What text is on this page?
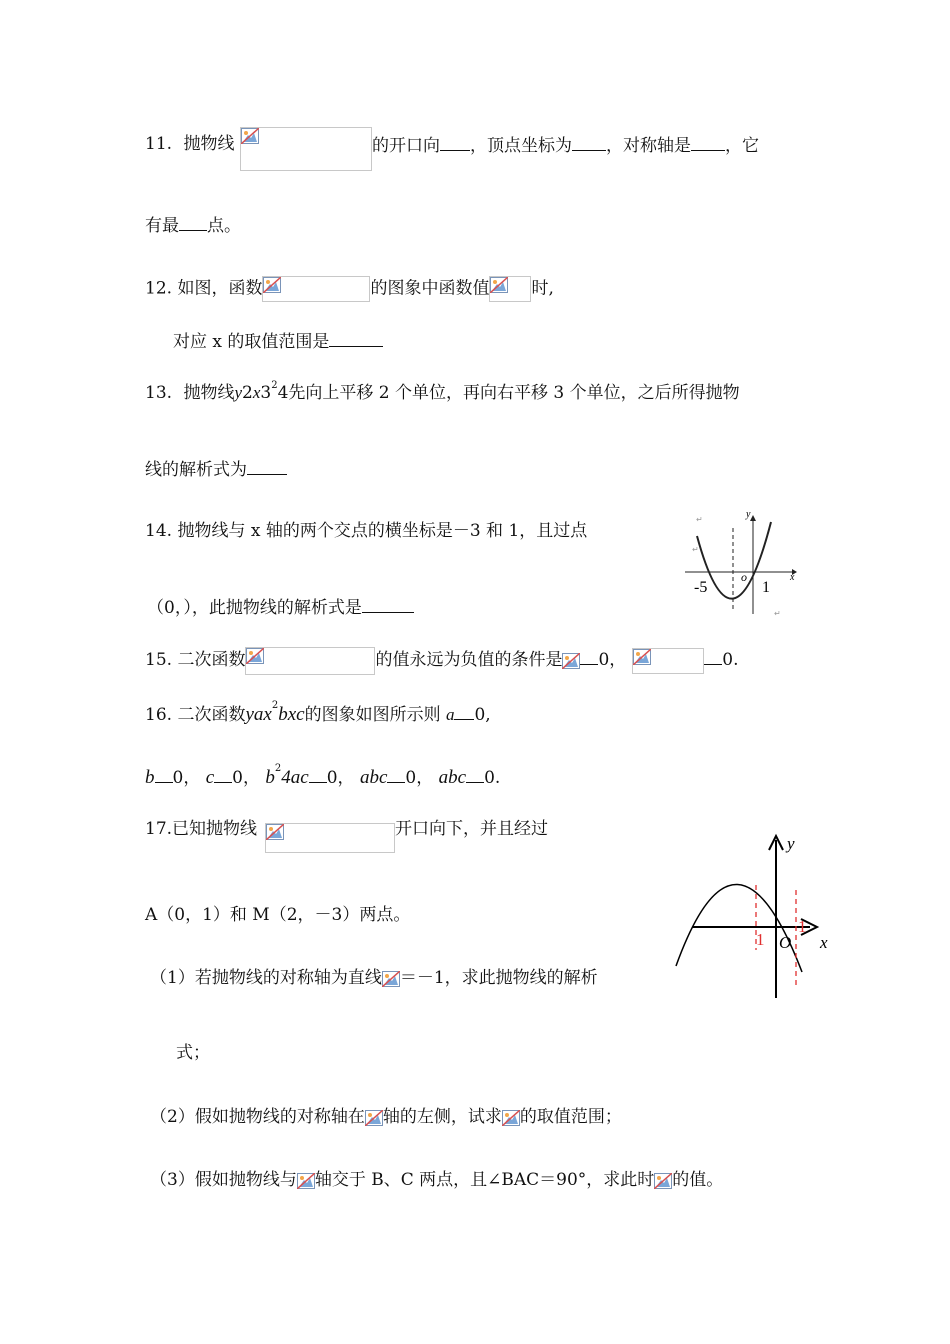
11. 抛物线	的开口向 ，顶点坐标为 ，对称轴是 ，它
有最 点。
12. 如图，函数	的图象中函数值 时,
对应 x 的取值范围是
13. 抛物线$y2x3^24$先向上平移 2 个单位，再向右平移 3 个单位，之后所得抛物
线的解析式为
14. 抛物线与 x 轴的两个交点的横坐标是－3 和 1，且过点
（0，），此抛物线的解析式是
y
x
o
-5	1
↵
↵
↵
15. 二次函数	的值永远为负值的条件是 0，	0.
16. 二次函数yax$^2$bxc的图象如图所示则 a 0,
b 0， c 0， $b^24ac$ 0， abc 0， abc 0.
17.已知抛物线	开口向下，并且经过
A（0，1）和 M（2，－3）两点。
（1）若抛物线的对称轴为直线 ＝－1，求此抛物线的解析
式；
（2）假如抛物线的对称轴在 轴的左侧，试求 的取值范围；
（3）假如抛物线与 轴交于 B、C 两点，且∠BAC＝90°，求此时 的值。
y
x
O
1
1
